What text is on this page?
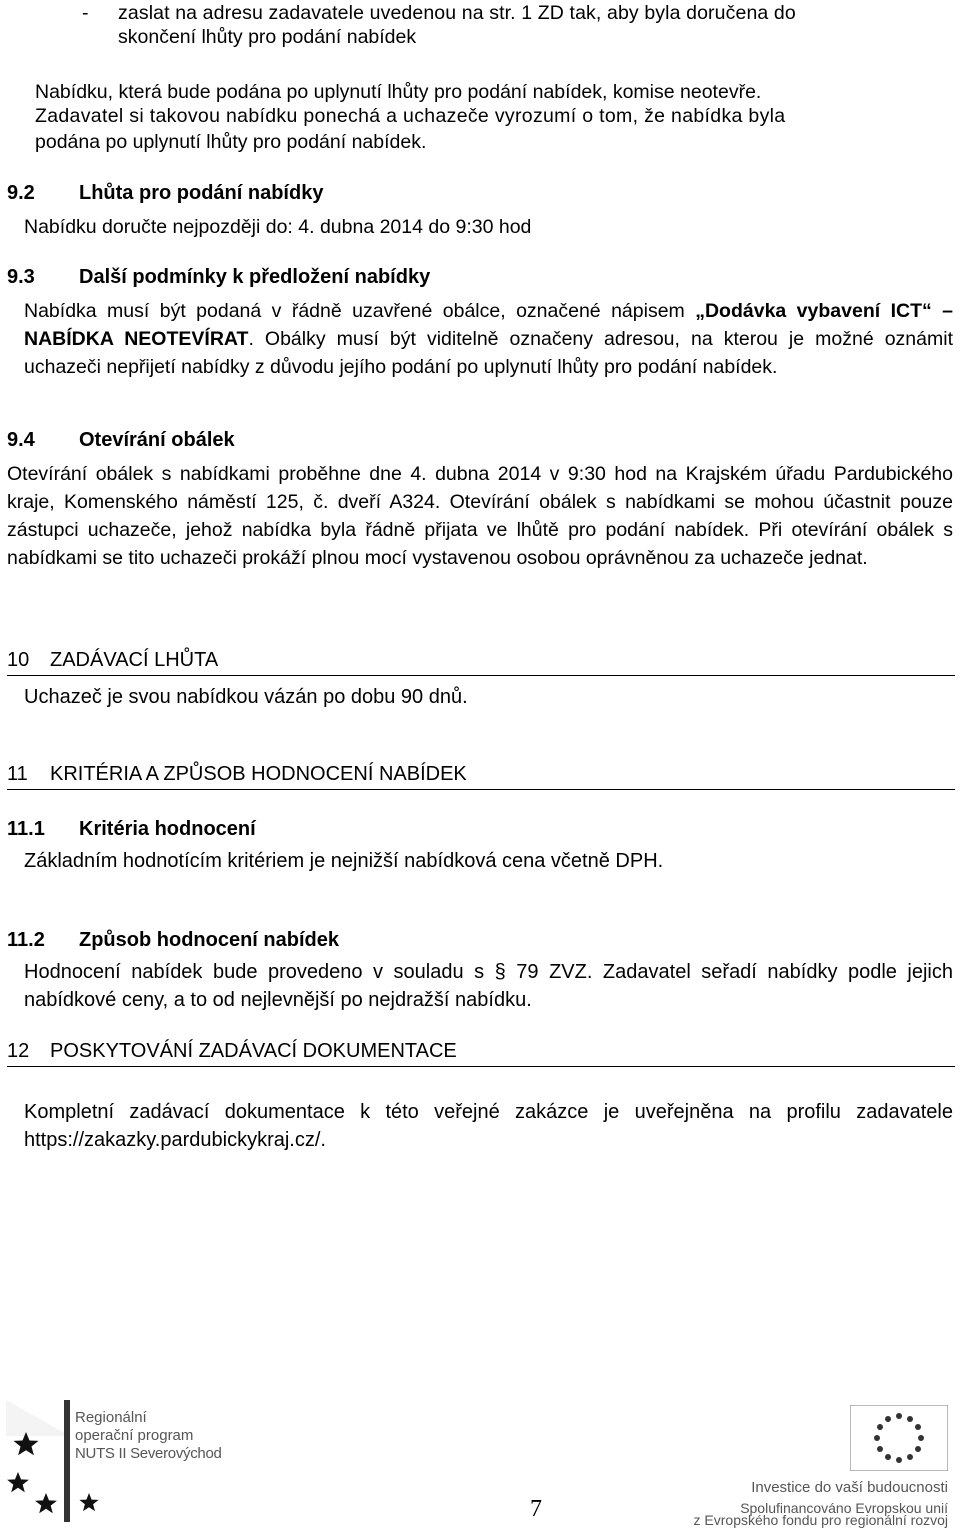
- zaslat na adresu zadavatele uvedenou na str. 1 ZD tak, aby byla doručena do
skončení lhůty pro podání nabídek
Nabídku, která bude podána po uplynutí lhůty pro podání nabídek, komise neotevře.
Zadavatel si takovou nabídku ponechá a uchazeče vyrozumí o tom, že nabídka byla
podána po uplynutí lhůty pro podání nabídek.
9.2 Lhůta pro podání nabídky
Nabídku doručte nejpozději do: 4. dubna 2014 do 9:30 hod
9.3 Další podmínky k předložení nabídky
Nabídka musí být podaná v řádně uzavřené obálce, označené nápisem „Dodávka vybavení ICT“ – NABÍDKA NEOTEVÍRAT. Obálky musí být viditelně označeny adresou, na kterou je možné oznámit uchazeči nepřijetí nabídky z důvodu jejího podání po uplynutí lhůty pro podání nabídek.
9.4 Otevírání obálek
Otevírání obálek s nabídkami proběhne dne 4. dubna 2014 v 9:30 hod na Krajském úřadu Pardubického kraje, Komenského náměstí 125, č. dveří A324. Otevírání obálek s nabídkami se mohou účastnit pouze zástupci uchazeče, jehož nabídka byla řádně přijata ve lhůtě pro podání nabídek. Při otevírání obálek s nabídkami se tito uchazeči prokáží plnou mocí vystavenou osobou oprávněnou za uchazeče jednat.
10 ZADÁVACÍ LHŮTA
Uchazeč je svou nabídkou vázán po dobu 90 dnů.
11 KRITÉRIA A ZPŮSOB HODNOCENÍ NABÍDEK
11.1 Kritéria hodnocení
Základním hodnotícím kritériem je nejnižší nabídková cena včetně DPH.
11.2 Způsob hodnocení nabídek
Hodnocení nabídek bude provedeno v souladu s § 79 ZVZ. Zadavatel seřadí nabídky podle jejich nabídkové ceny, a to od nejlevnější po nejdražší nabídku.
12 POSKYTOVÁNÍ ZADÁVACÍ DOKUMENTACE
Kompletní zadávací dokumentace k této veřejné zakázce je uveřejněna na profilu zadavatele https://zakazky.pardubickykraj.cz/.
Regionální
operační program
NUTS II Severovýchod
7
Investice do vaší budoucnosti
Spolufinancováno Evropskou unií
z Evropského fondu pro regionální rozvoj
